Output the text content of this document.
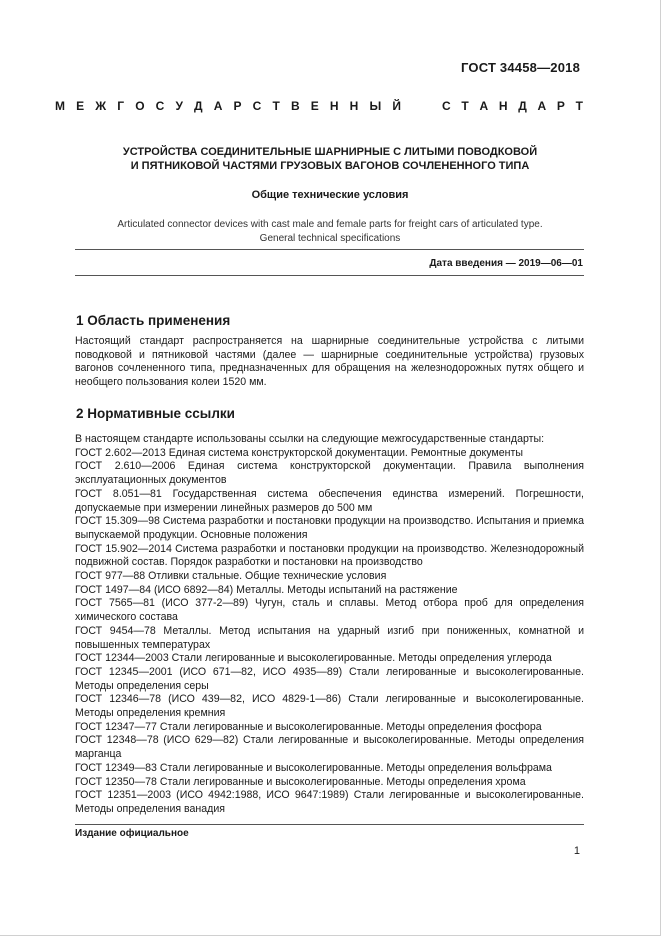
ГОСТ 34458—2018
М Е Ж Г О С У Д А Р С Т В Е Н Н Ы Й	С Т А Н Д А Р Т
УСТРОЙСТВА СОЕДИНИТЕЛЬНЫЕ ШАРНИРНЫЕ С ЛИТЫМИ ПОВОДКОВОЙ
И ПЯТНИКОВОЙ ЧАСТЯМИ ГРУЗОВЫХ ВАГОНОВ СОЧЛЕНЕННОГО ТИПА
Общие технические условия
Articulated connector devices with cast male and female parts for freight cars of articulated type.
General technical specifications
Дата введения — 2019—06—01
1 Область применения

Настоящий стандарт распространяется на шарнирные соединительные устройства с литыми поводковой и пятниковой частями (далее — шарнирные соединительные устройства) грузовых вагонов сочлененного типа, предназначенных для обращения на железнодорожных путях общего и необщего пользования колеи 1520 мм.

2 Нормативные ссылки

В настоящем стандарте использованы ссылки на следующие межгосударственные стандарты:

ГОСТ 2.602—2013 Единая система конструкторской документации. Ремонтные документы

ГОСТ 2.610—2006 Единая система конструкторской документации. Правила выполнения эксплуатационных документов

ГОСТ 8.051—81 Государственная система обеспечения единства измерений. Погрешности, допускаемые при измерении линейных размеров до 500 мм

ГОСТ 15.309—98 Система разработки и постановки продукции на производство. Испытания и приемка выпускаемой продукции. Основные положения

ГОСТ 15.902—2014 Система разработки и постановки продукции на производство. Железнодорожный подвижной состав. Порядок разработки и постановки на производство

ГОСТ 977—88 Отливки стальные. Общие технические условия

ГОСТ 1497—84 (ИСО 6892—84) Металлы. Методы испытаний на растяжение

ГОСТ 7565—81 (ИСО 377-2—89) Чугун, сталь и сплавы. Метод отбора проб для определения химического состава

ГОСТ 9454—78 Металлы. Метод испытания на ударный изгиб при пониженных, комнатной и повышенных температурах

ГОСТ 12344—2003 Стали легированные и высоколегированные. Методы определения углерода

ГОСТ 12345—2001 (ИСО 671—82, ИСО 4935—89) Стали легированные и высоколегированные. Методы определения серы

ГОСТ 12346—78 (ИСО 439—82, ИСО 4829-1—86) Стали легированные и высоколегированные. Методы определения кремния

ГОСТ 12347—77 Стали легированные и высоколегированные. Методы определения фосфора

ГОСТ 12348—78 (ИСО 629—82) Стали легированные и высоколегированные. Методы определения марганца

ГОСТ 12349—83 Стали легированные и высоколегированные. Методы определения вольфрама

ГОСТ 12350—78 Стали легированные и высоколегированные. Методы определения хрома

ГОСТ 12351—2003 (ИСО 4942:1988, ИСО 9647:1989) Стали легированные и высоколегированные. Методы определения ванадия

Издание официальное
1
